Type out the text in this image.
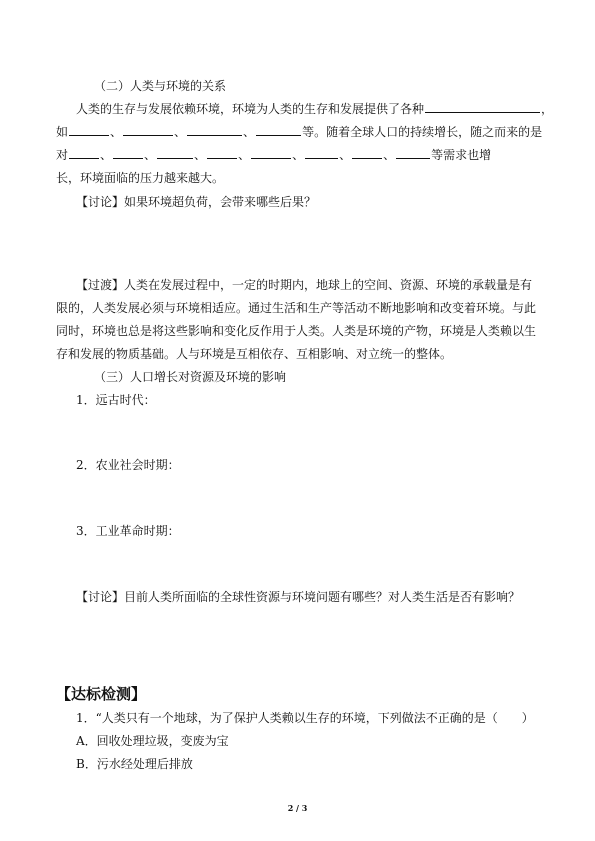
（二）人类与环境的关系
人类的生存与发展依赖环境，环境为人类的生存和发展提供了各种	，
如	、	、	、	等。随着全球人口的持续增长，随之而来的是
对	、	、	、	、	、	、	、	等需求也增
长，环境面临的压力越来越大。
【讨论】如果环境超负荷，会带来哪些后果？
【过渡】人类在发展过程中，一定的时期内，地球上的空间、资源、环境的承载量是有
限的，人类发展必须与环境相适应。通过生活和生产等活动不断地影响和改变着环境。与此
同时，环境也总是将这些影响和变化反作用于人类。人类是环境的产物，环境是人类赖以生
存和发展的物质基础。人与环境是互相依存、互相影响、对立统一的整体。
（三）人口增长对资源及环境的影响
1．远古时代：
2．农业社会时期：
3．工业革命时期：
【讨论】目前人类所面临的全球性资源与环境问题有哪些？对人类生活是否有影响？
【达标检测】
1．“人类只有一个地球，为了保护人类赖以生存的环境，下列做法不正确的是（　　）
A．回收处理垃圾，变废为宝
B．污水经处理后排放
2 / 3
